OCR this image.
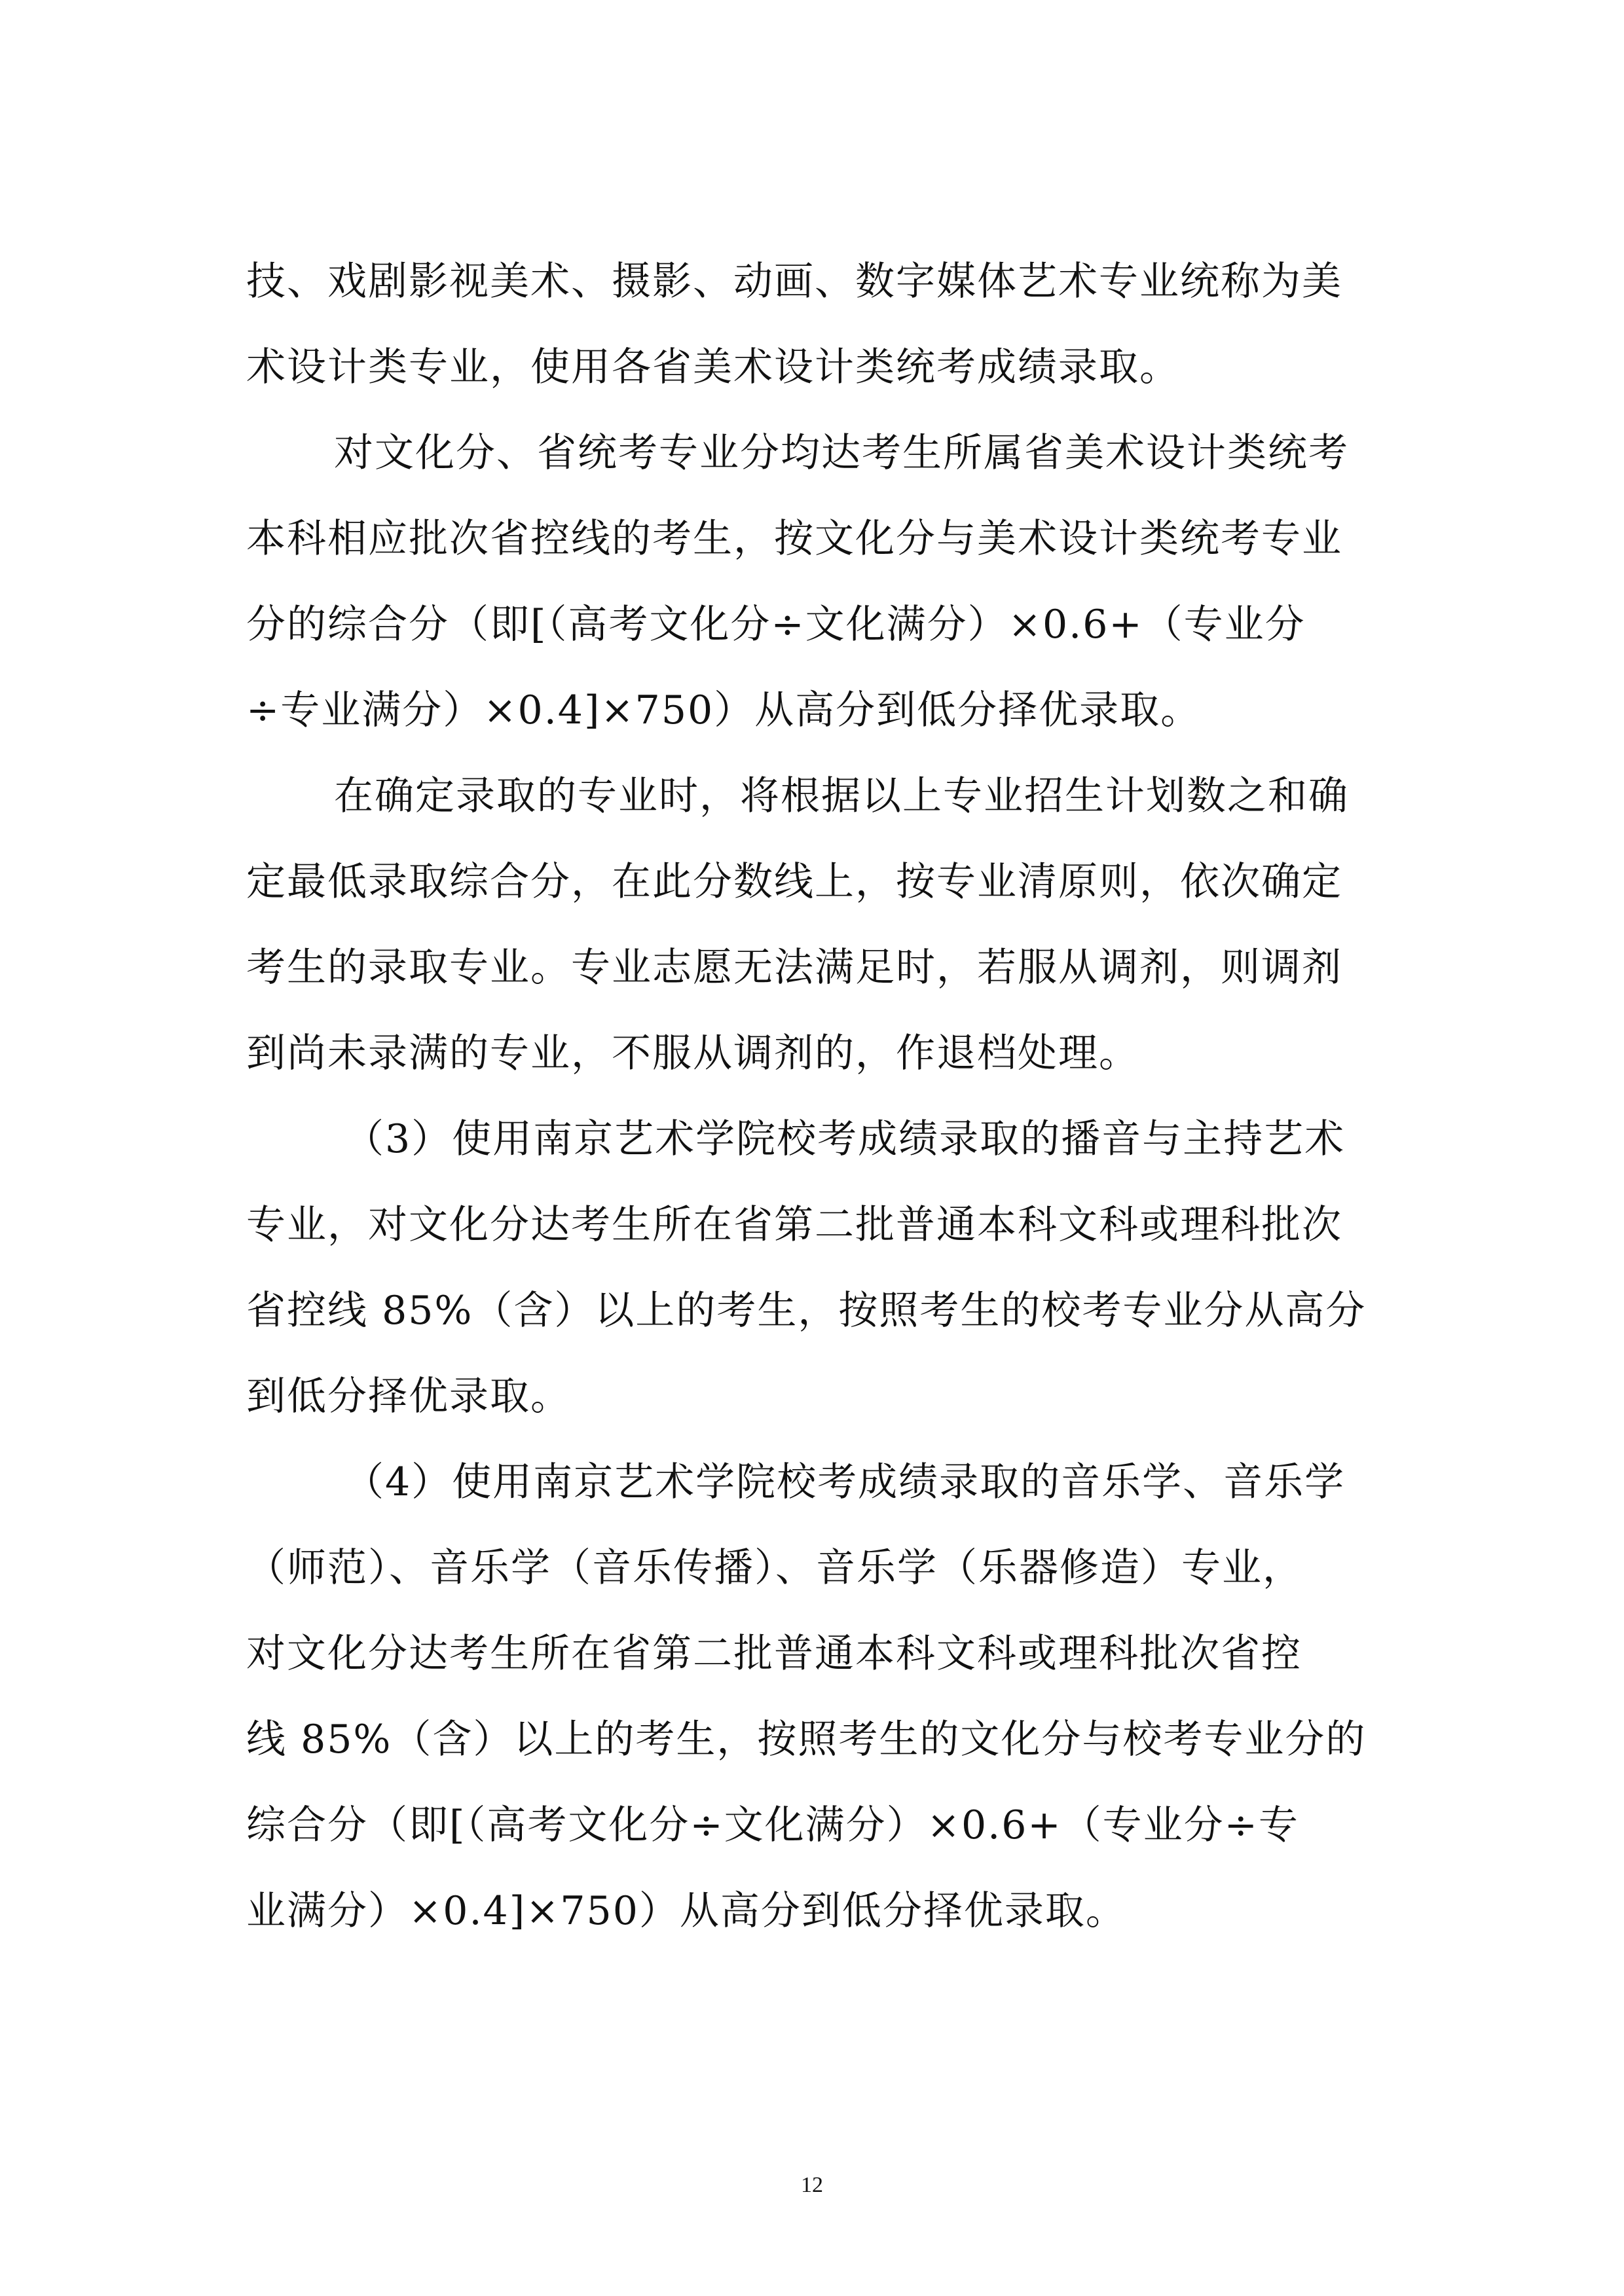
技、戏剧影视美术、摄影、动画、数字媒体艺术专业统称为美
术设计类专业，使用各省美术设计类统考成绩录取。
对文化分、省统考专业分均达考生所属省美术设计类统考
本科相应批次省控线的考生，按文化分与美术设计类统考专业
分的综合分（即[（高考文化分÷文化满分）×0.6+（专业分
÷专业满分）×0.4]×750）从高分到低分择优录取。
在确定录取的专业时，将根据以上专业招生计划数之和确
定最低录取综合分，在此分数线上，按专业清原则，依次确定
考生的录取专业。专业志愿无法满足时，若服从调剂，则调剂
到尚未录满的专业，不服从调剂的，作退档处理。
（3）使用南京艺术学院校考成绩录取的播音与主持艺术
专业，对文化分达考生所在省第二批普通本科文科或理科批次
省控线 85%（含）以上的考生，按照考生的校考专业分从高分
到低分择优录取。
（4）使用南京艺术学院校考成绩录取的音乐学、音乐学
（师范）、音乐学（音乐传播）、音乐学（乐器修造）专业，
对文化分达考生所在省第二批普通本科文科或理科批次省控
线 85%（含）以上的考生，按照考生的文化分与校考专业分的
综合分（即[（高考文化分÷文化满分）×0.6+（专业分÷专
业满分）×0.4]×750）从高分到低分择优录取。
12
